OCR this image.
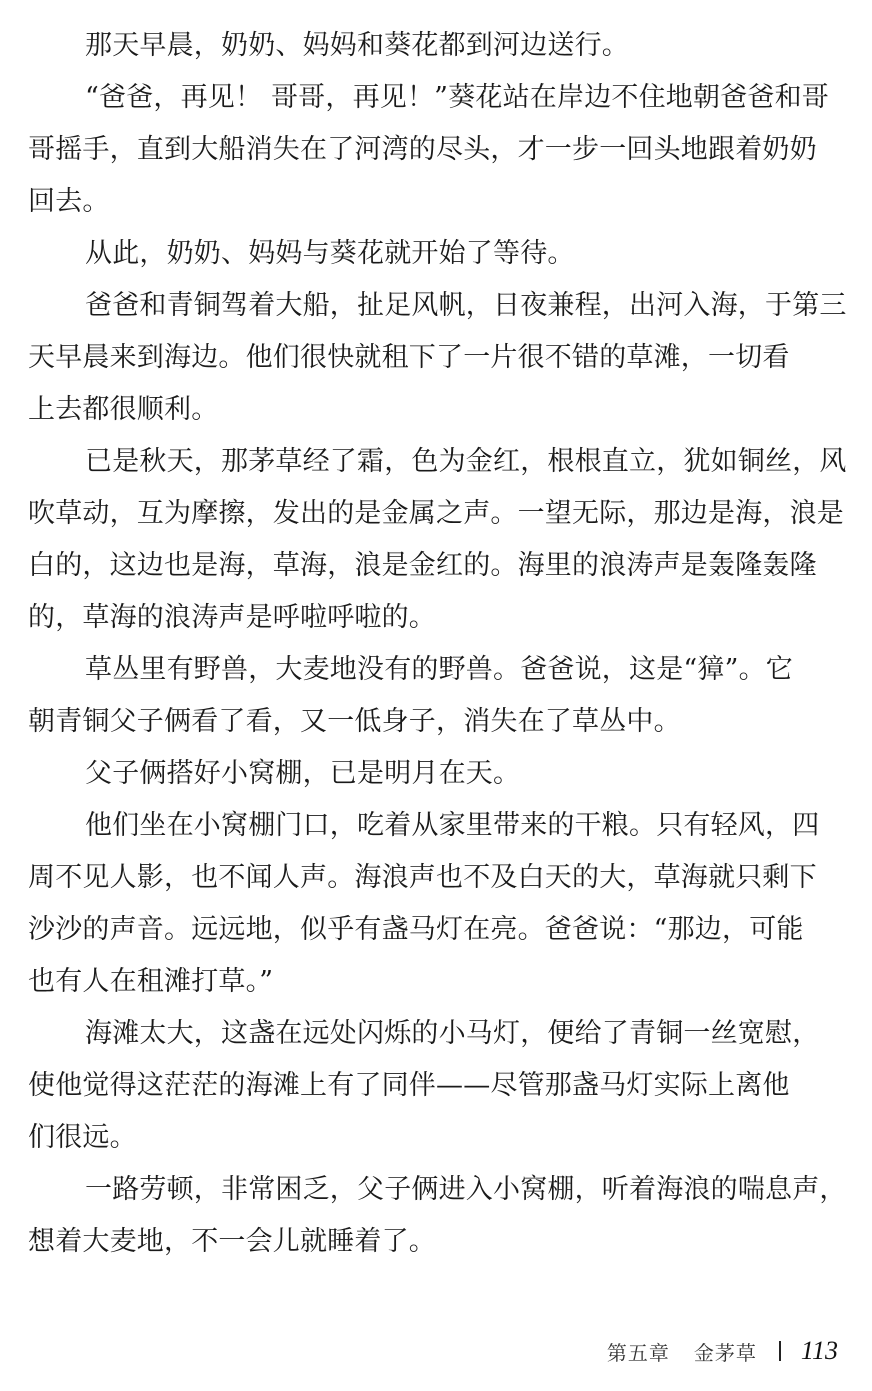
那天早晨，奶奶、妈妈和葵花都到河边送行。
“爸爸，再见！ 哥哥，再见！”葵花站在岸边不住地朝爸爸和哥
哥摇手，直到大船消失在了河湾的尽头，才一步一回头地跟着奶奶
回去。
从此，奶奶、妈妈与葵花就开始了等待。
爸爸和青铜驾着大船，扯足风帆，日夜兼程，出河入海，于第三
天早晨来到海边。他们很快就租下了一片很不错的草滩，一切看
上去都很顺利。
已是秋天，那茅草经了霜，色为金红，根根直立，犹如铜丝，风
吹草动，互为摩擦，发出的是金属之声。一望无际，那边是海，浪是
白的，这边也是海，草海，浪是金红的。海里的浪涛声是轰隆轰隆
的，草海的浪涛声是呼啦呼啦的。
草丛里有野兽，大麦地没有的野兽。爸爸说，这是“獐”。它
朝青铜父子俩看了看，又一低身子，消失在了草丛中。
父子俩搭好小窝棚，已是明月在天。
他们坐在小窝棚门口，吃着从家里带来的干粮。只有轻风，四
周不见人影，也不闻人声。海浪声也不及白天的大，草海就只剩下
沙沙的声音。远远地，似乎有盏马灯在亮。爸爸说：“那边，可能
也有人在租滩打草。”
海滩太大，这盏在远处闪烁的小马灯，便给了青铜一丝宽慰，
使他觉得这茫茫的海滩上有了同伴——尽管那盏马灯实际上离他
们很远。
一路劳顿，非常困乏，父子俩进入小窝棚，听着海浪的喘息声，
想着大麦地，不一会儿就睡着了。
第五章 金茅草 113
